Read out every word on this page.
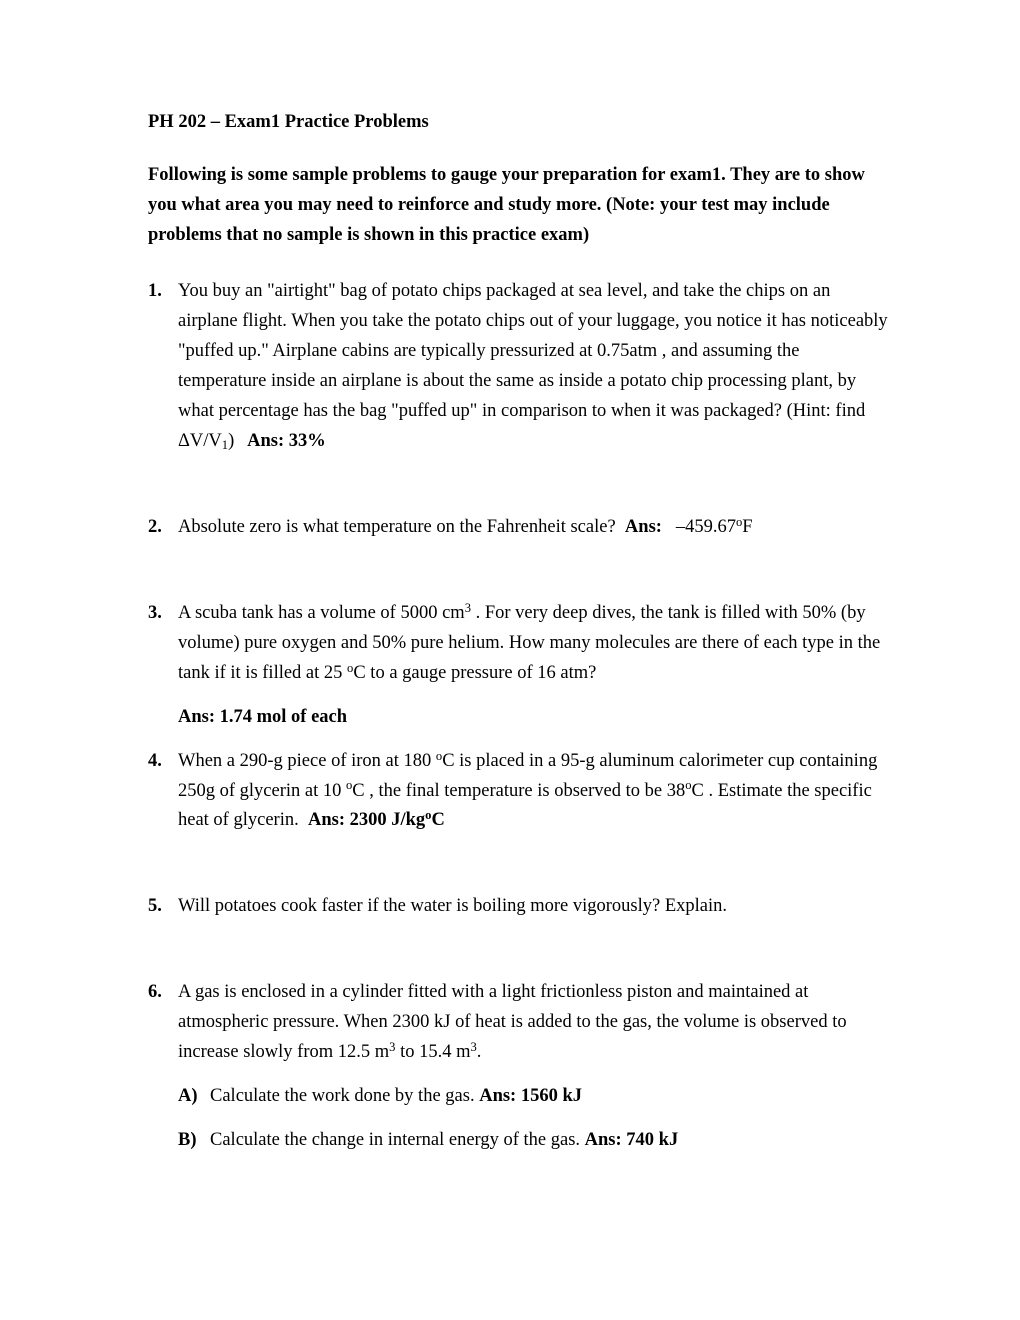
PH 202 – Exam1 Practice Problems

Following is some sample problems to gauge your preparation for exam1. They are to show you what area you may need to reinforce and study more. (Note: your test may include problems that no sample is shown in this practice exam)

1. You buy an "airtight" bag of potato chips packaged at sea level, and take the chips on an airplane flight. When you take the potato chips out of your luggage, you notice it has noticeably "puffed up." Airplane cabins are typically pressurized at 0.75atm , and assuming the temperature inside an airplane is about the same as inside a potato chip processing plant, by what percentage has the bag "puffed up" in comparison to when it was packaged? (Hint: find $\Delta V/V_1$) Ans: 33%

2. Absolute zero is what temperature on the Fahrenheit scale? Ans: –459.67$^o$F

3. A scuba tank has a volume of 5000 $cm^3$ . For very deep dives, the tank is filled with 50% (by volume) pure oxygen and 50% pure helium. How many molecules are there of each type in the tank if it is filled at 25 $^o$C to a gauge pressure of 16 atm?

Ans: 1.74 mol of each

4. When a 290-g piece of iron at 180 $^o$C is placed in a 95-g aluminum calorimeter cup containing 250g of glycerin at 10 $^o$C , the final temperature is observed to be 38$^o$C . Estimate the specific heat of glycerin. Ans: 2300 $J/kg^oC$

5. Will potatoes cook faster if the water is boiling more vigorously? Explain.

6. A gas is enclosed in a cylinder fitted with a light frictionless piston and maintained at atmospheric pressure. When 2300 kJ of heat is added to the gas, the volume is observed to increase slowly from 12.5 $m^3$ to 15.4 $m^3$.

A) Calculate the work done by the gas. Ans: 1560 kJ
B) Calculate the change in internal energy of the gas. Ans: 740 kJ
